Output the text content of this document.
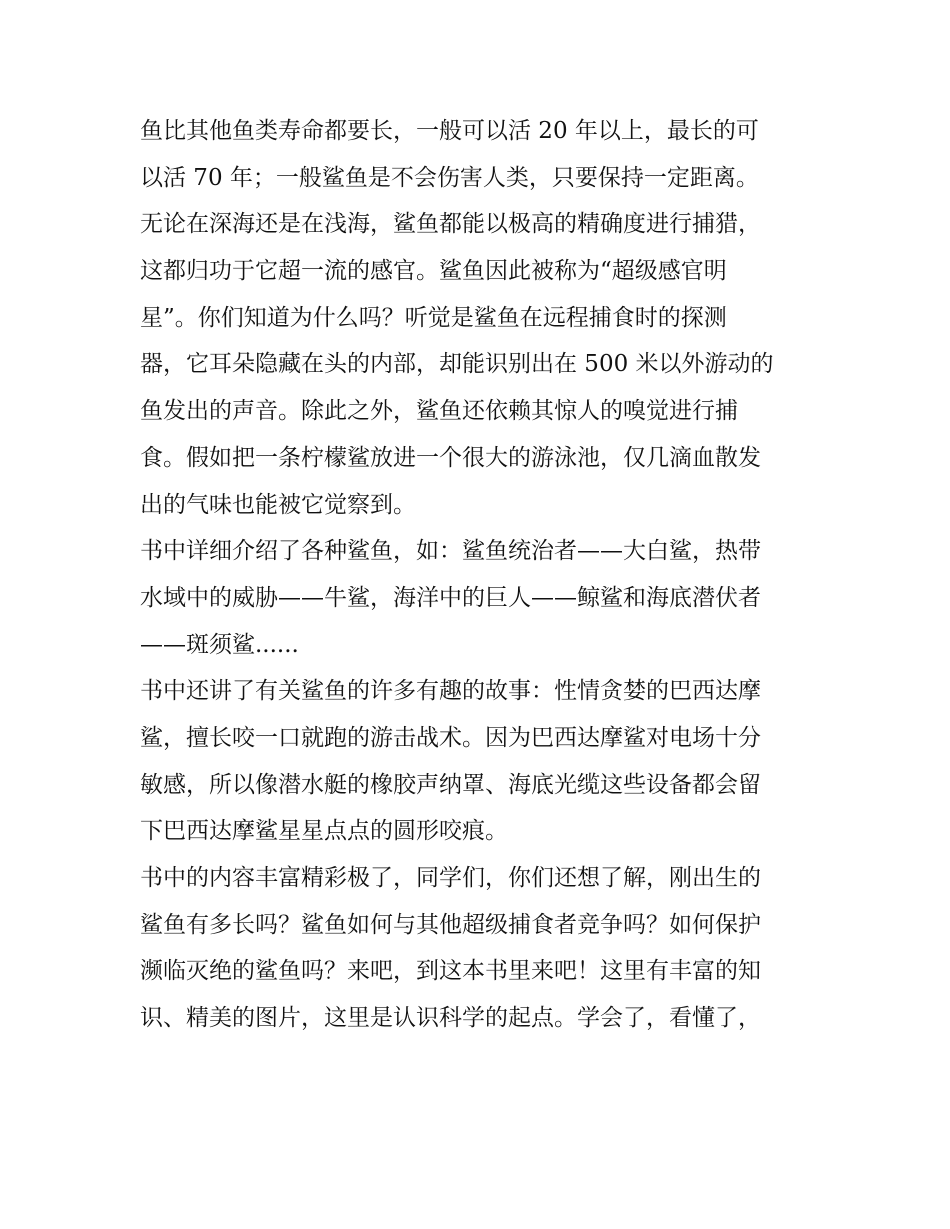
鱼比其他鱼类寿命都要长，一般可以活 20 年以上，最长的可
以活 70 年；一般鲨鱼是不会伤害人类，只要保持一定距离。
无论在深海还是在浅海，鲨鱼都能以极高的精确度进行捕猎，
这都归功于它超一流的感官。鲨鱼因此被称为“超级感官明
星”。你们知道为什么吗？听觉是鲨鱼在远程捕食时的探测
器，它耳朵隐藏在头的内部，却能识别出在 500 米以外游动的
鱼发出的声音。除此之外，鲨鱼还依赖其惊人的嗅觉进行捕
食。假如把一条柠檬鲨放进一个很大的游泳池，仅几滴血散发
出的气味也能被它觉察到。
书中详细介绍了各种鲨鱼，如：鲨鱼统治者——大白鲨，热带
水域中的威胁——牛鲨，海洋中的巨人——鲸鲨和海底潜伏者
——斑须鲨......
书中还讲了有关鲨鱼的许多有趣的故事：性情贪婪的巴西达摩
鲨，擅长咬一口就跑的游击战术。因为巴西达摩鲨对电场十分
敏感，所以像潜水艇的橡胶声纳罩、海底光缆这些设备都会留
下巴西达摩鲨星星点点的圆形咬痕。
书中的内容丰富精彩极了，同学们，你们还想了解，刚出生的
鲨鱼有多长吗？鲨鱼如何与其他超级捕食者竞争吗？如何保护
濒临灭绝的鲨鱼吗？来吧，到这本书里来吧！这里有丰富的知
识、精美的图片，这里是认识科学的起点。学会了，看懂了，
